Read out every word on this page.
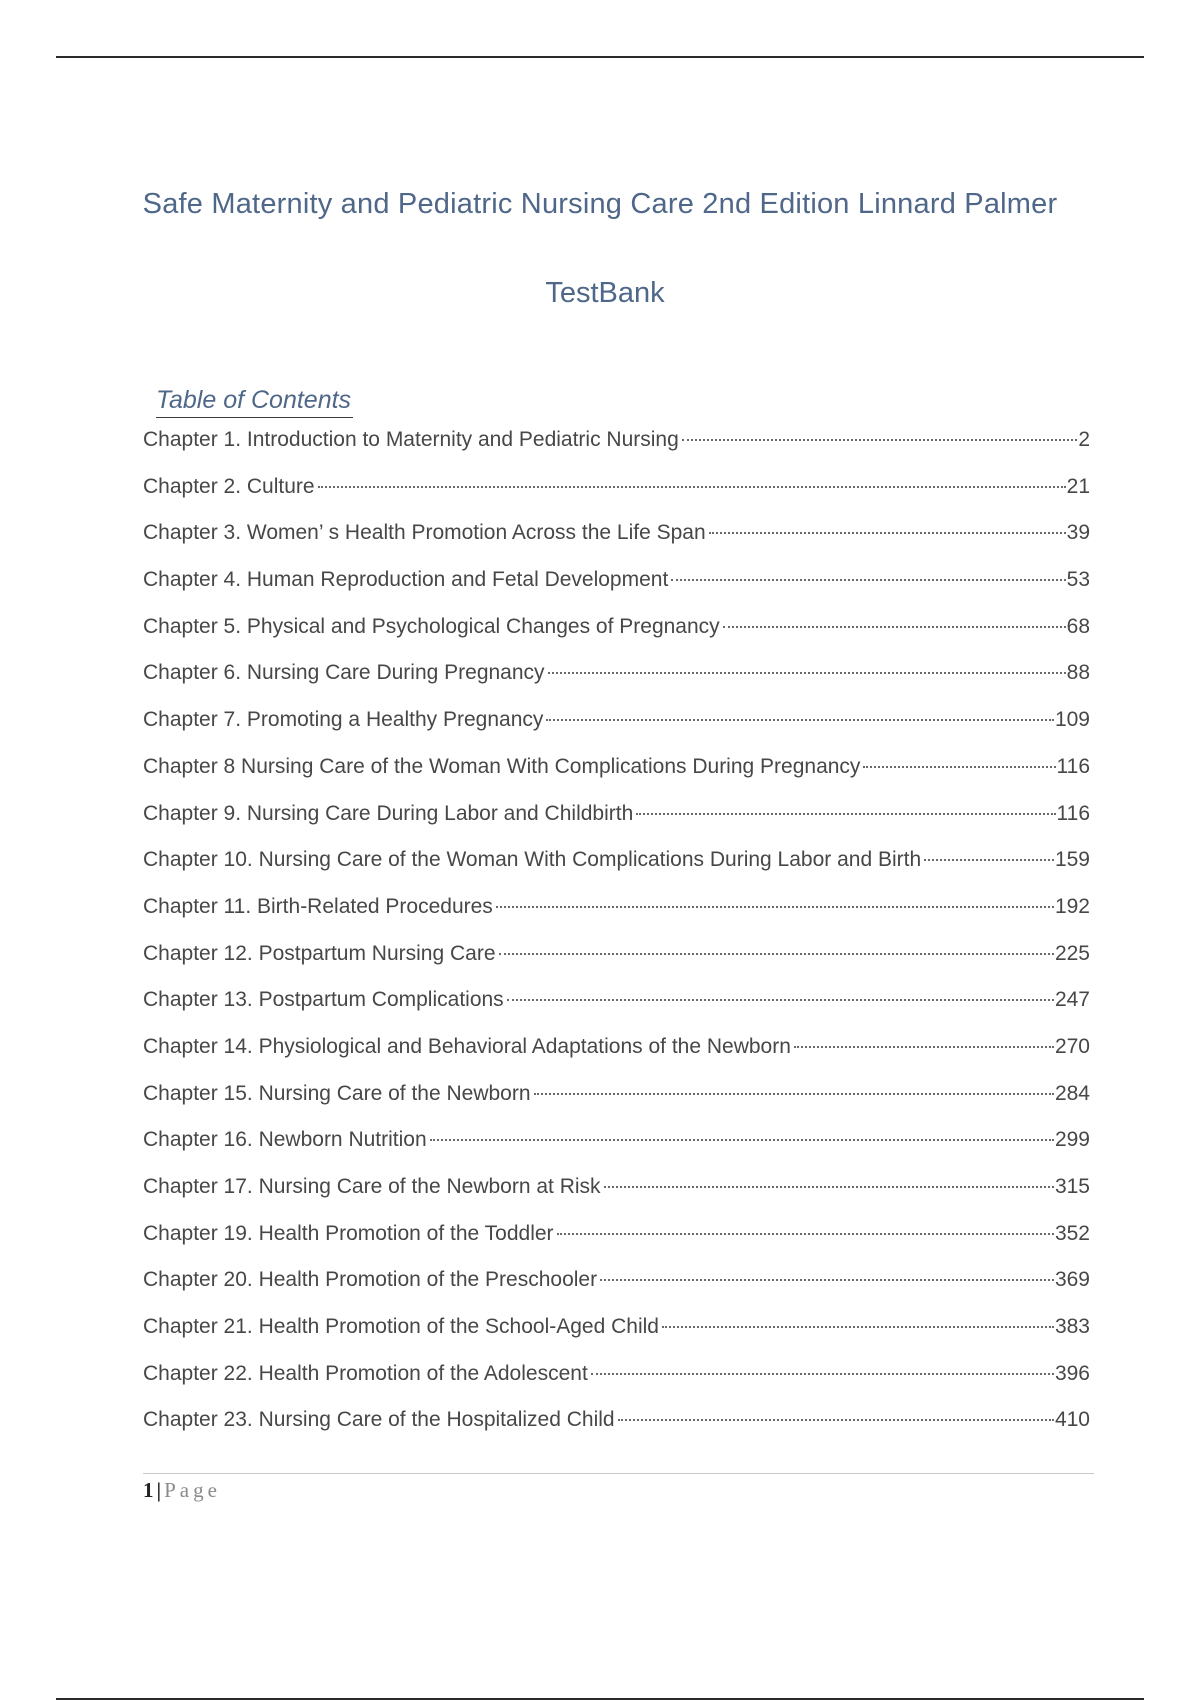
Safe Maternity and Pediatric Nursing Care 2nd Edition Linnard Palmer
TestBank
Table of Contents
Chapter 1. Introduction to Maternity and Pediatric Nursing	2
Chapter 2. Culture	21
Chapter 3. Women’ s Health Promotion Across the Life Span	39
Chapter 4. Human Reproduction and Fetal Development	53
Chapter 5. Physical and Psychological Changes of Pregnancy	68
Chapter 6. Nursing Care During Pregnancy	88
Chapter 7. Promoting a Healthy Pregnancy	109
Chapter 8 Nursing Care of the Woman With Complications During Pregnancy	116
Chapter 9. Nursing Care During Labor and Childbirth	116
Chapter 10. Nursing Care of the Woman With Complications During Labor and Birth	159
Chapter 11. Birth-Related Procedures	192
Chapter 12. Postpartum Nursing Care	225
Chapter 13. Postpartum Complications	247
Chapter 14. Physiological and Behavioral Adaptations of the Newborn	270
Chapter 15. Nursing Care of the Newborn	284
Chapter 16. Newborn Nutrition	299
Chapter 17. Nursing Care of the Newborn at Risk	315
Chapter 19. Health Promotion of the Toddler	352
Chapter 20. Health Promotion of the Preschooler	369
Chapter 21. Health Promotion of the School-Aged Child	383
Chapter 22. Health Promotion of the Adolescent	396
Chapter 23. Nursing Care of the Hospitalized Child	410
1 | Page
